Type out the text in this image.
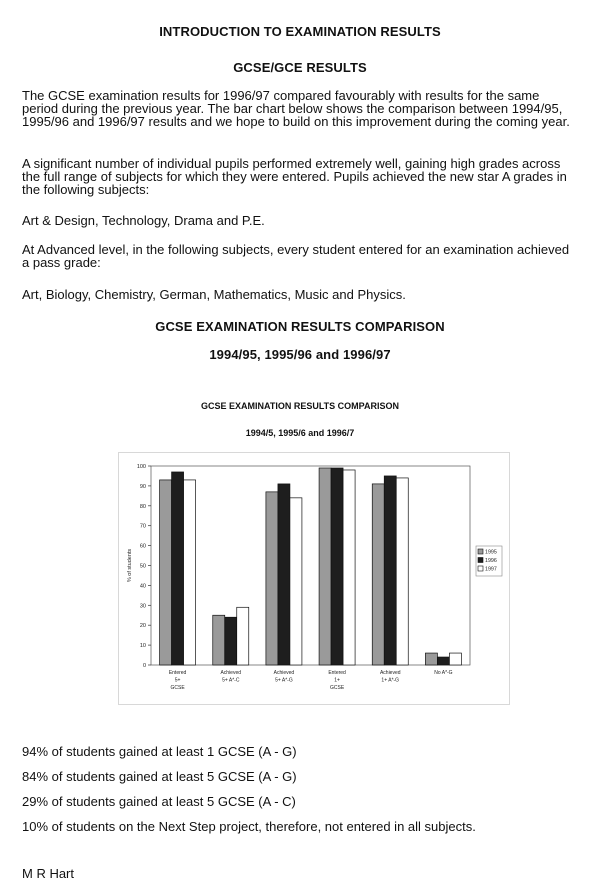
INTRODUCTION TO EXAMINATION RESULTS
GCSE/GCE RESULTS
The GCSE examination results for 1996/97 compared favourably with results for the same period during the previous year. The bar chart below shows the comparison between 1994/95, 1995/96 and 1996/97 results and we hope to build on this improvement during the coming year.
A significant number of individual pupils performed extremely well, gaining high grades across the full range of subjects for which they were entered. Pupils achieved the new star A grades in the following subjects:
Art & Design, Technology, Drama and P.E.
At Advanced level, in the following subjects, every student entered for an examination achieved a pass grade:
Art, Biology, Chemistry, German, Mathematics, Music and Physics.
GCSE EXAMINATION RESULTS COMPARISON
1994/95, 1995/96 and 1996/97
GCSE EXAMINATION RESULTS COMPARISON
1994/5, 1995/6 and 1996/7
0
10
20
30
40
50
60
70
80
90
100
% of students
Entered
5+
GCSE
Achieved
5+ A*-C
Achieved
5+ A*-G
Entered
1+
GCSE
Achieved
1+ A*-G
No A*-G
1995
1996
1997
94% of students gained at least 1 GCSE (A - G)
84% of students gained at least 5 GCSE (A - G)
29% of students gained at least 5 GCSE (A - C)
10% of students on the Next Step project, therefore, not entered in all subjects.
M R Hart
